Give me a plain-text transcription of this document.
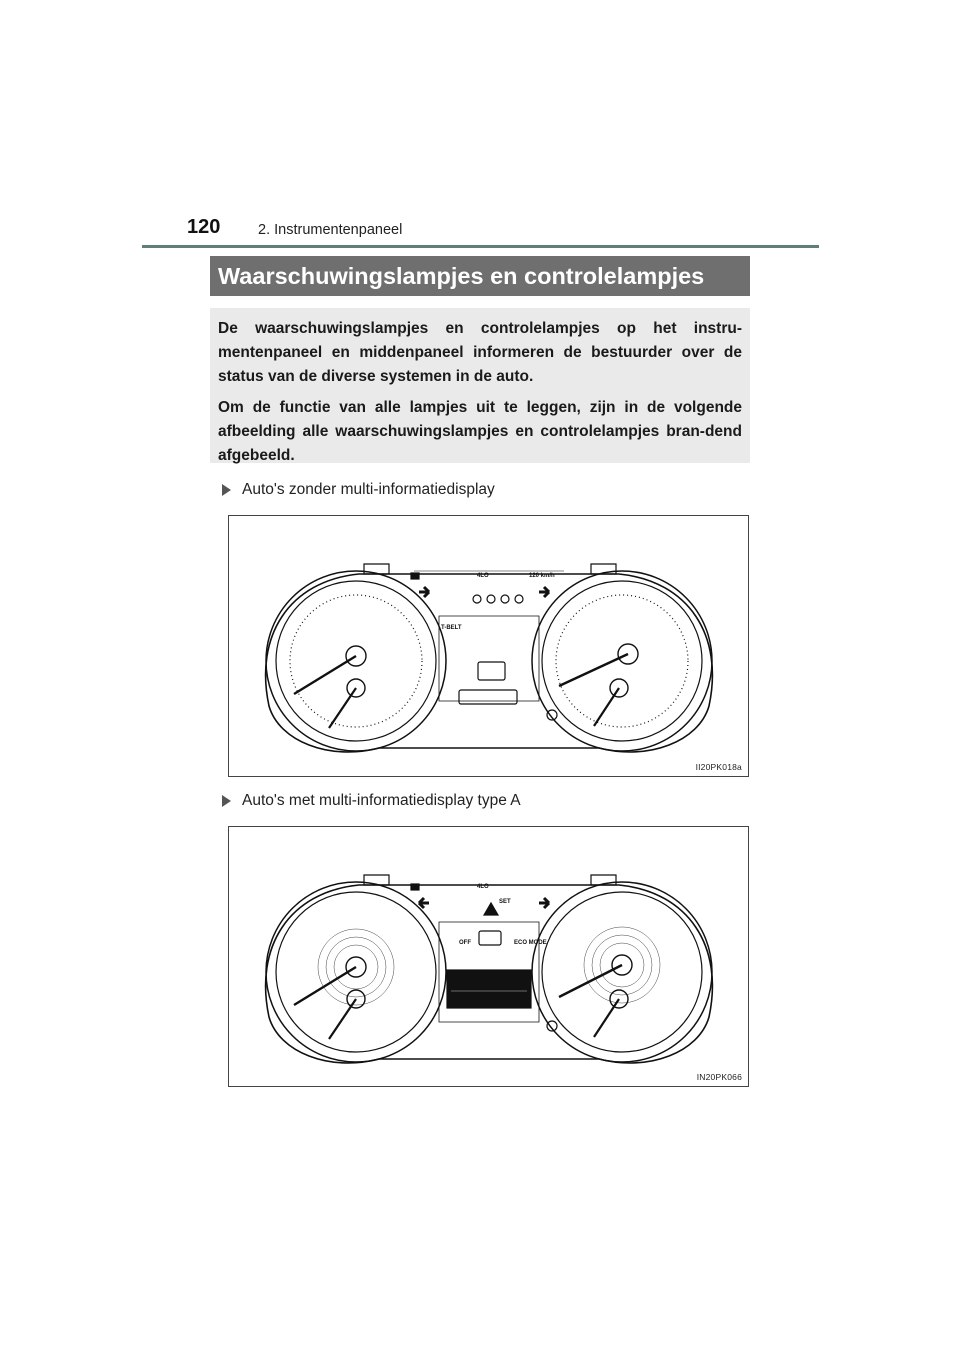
120	2. Instrumentenpaneel
Waarschuwingslampjes en controlelampjes

De waarschuwingslampjes en controlelampjes op het instru-mentenpaneel en middenpaneel informeren de bestuurder over de status van de diverse systemen in de auto.

Om de functie van alle lampjes uit te leggen, zijn in de volgende afbeelding alle waarschuwingslampjes en controlelampjes bran-dend afgebeeld.

Auto's zonder multi-informatiedisplay
4LO	120 km/h
T-BELT
II20PK018a
Auto's met multi-informatiedisplay type A
4LO
SET
OFF	ECO MODE
IN20PK066
